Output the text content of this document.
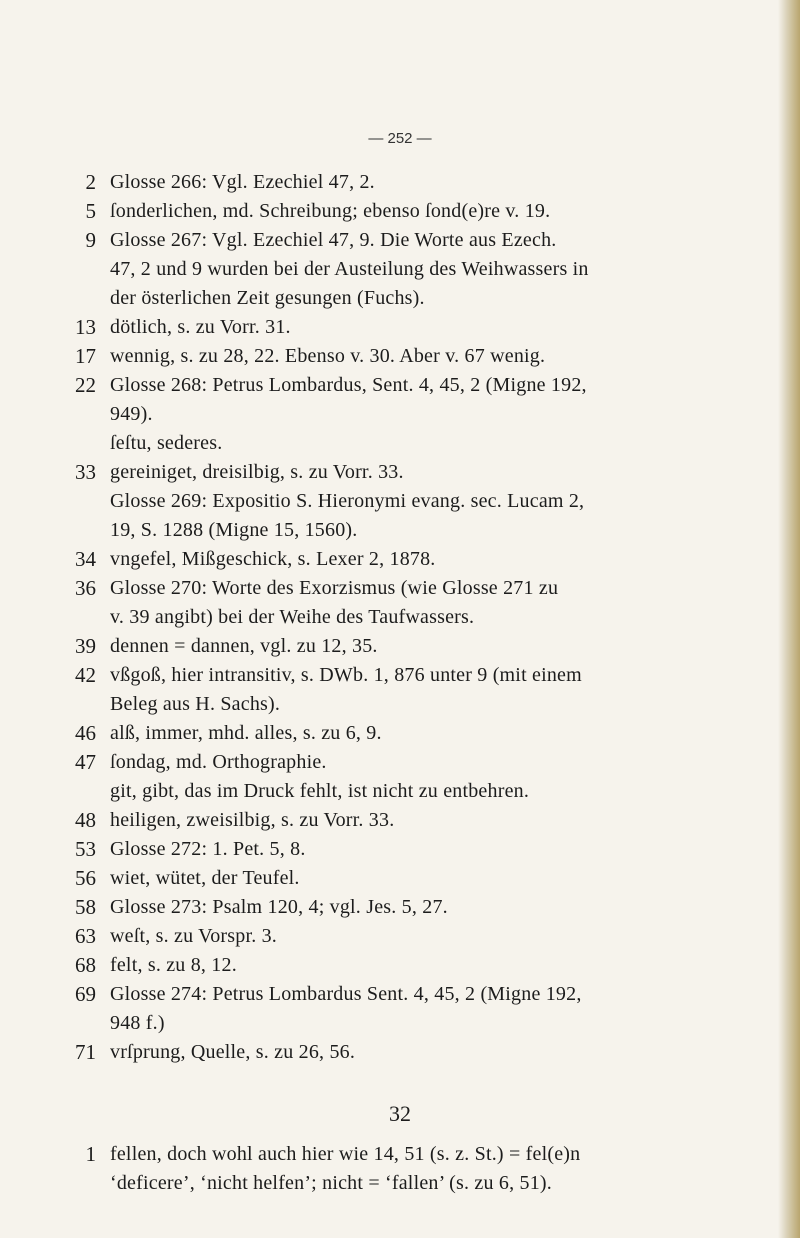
— 252 —
2 Glosse 266: Vgl. Ezechiel 47, 2.
5 ſonderlichen, md. Schreibung; ebenso ſond(e)re v. 19.
9 Glosse 267: Vgl. Ezechiel 47, 9. Die Worte aus Ezech.
47, 2 und 9 wurden bei der Austeilung des Weihwassers in
der österlichen Zeit gesungen (Fuchs).
13 dötlich, s. zu Vorr. 31.
17 wennig, s. zu 28, 22. Ebenso v. 30. Aber v. 67 wenig.
22 Glosse 268: Petrus Lombardus, Sent. 4, 45, 2 (Migne 192,
949).
ſeſtu, sederes.
33 gereiniget, dreisilbig, s. zu Vorr. 33.
Glosse 269: Expositio S. Hieronymi evang. sec. Lucam 2,
19, S. 1288 (Migne 15, 1560).
34 vngefel, Mißgeschick, s. Lexer 2, 1878.
36 Glosse 270: Worte des Exorzismus (wie Glosse 271 zu
v. 39 angibt) bei der Weihe des Taufwassers.
39 dennen = dannen, vgl. zu 12, 35.
42 vßgoß, hier intransitiv, s. DWb. 1, 876 unter 9 (mit einem
Beleg aus H. Sachs).
46 alß, immer, mhd. alles, s. zu 6, 9.
47 ſondag, md. Orthographie.
git, gibt, das im Druck fehlt, ist nicht zu entbehren.
48 heiligen, zweisilbig, s. zu Vorr. 33.
53 Glosse 272: 1. Pet. 5, 8.
56 wiet, wütet, der Teufel.
58 Glosse 273: Psalm 120, 4; vgl. Jes. 5, 27.
63 weſt, s. zu Vorspr. 3.
68 felt, s. zu 8, 12.
69 Glosse 274: Petrus Lombardus Sent. 4, 45, 2 (Migne 192,
948 f.)
71 vrſprung, Quelle, s. zu 26, 56.
32
1 fellen, doch wohl auch hier wie 14, 51 (s. z. St.) = fel(e)n
‘deficere’, ‘nicht helfen’; nicht = ‘fallen’ (s. zu 6, 51).
